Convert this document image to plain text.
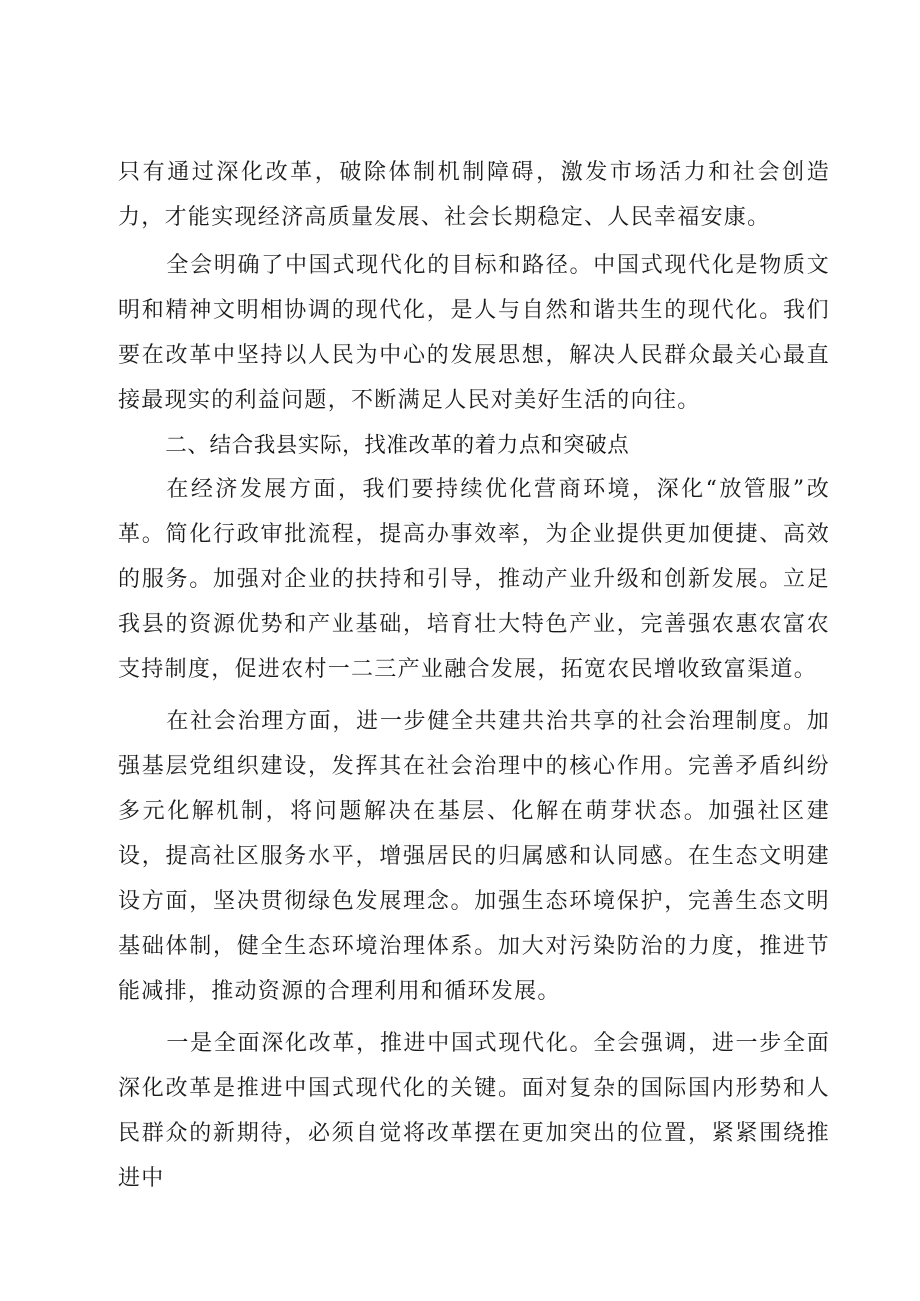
只有通过深化改革，破除体制机制障碍，激发市场活力和社会创造力，才能实现经济高质量发展、社会长期稳定、人民幸福安康。

全会明确了中国式现代化的目标和路径。中国式现代化是物质文明和精神文明相协调的现代化，是人与自然和谐共生的现代化。我们要在改革中坚持以人民为中心的发展思想，解决人民群众最关心最直接最现实的利益问题，不断满足人民对美好生活的向往。

二、结合我县实际，找准改革的着力点和突破点

在经济发展方面，我们要持续优化营商环境，深化“放管服”改革。简化行政审批流程，提高办事效率，为企业提供更加便捷、高效的服务。加强对企业的扶持和引导，推动产业升级和创新发展。立足我县的资源优势和产业基础，培育壮大特色产业，完善强农惠农富农支持制度，促进农村一二三产业融合发展，拓宽农民增收致富渠道。

在社会治理方面，进一步健全共建共治共享的社会治理制度。加强基层党组织建设，发挥其在社会治理中的核心作用。完善矛盾纠纷多元化解机制，将问题解决在基层、化解在萌芽状态。加强社区建设，提高社区服务水平，增强居民的归属感和认同感。在生态文明建设方面，坚决贯彻绿色发展理念。加强生态环境保护，完善生态文明基础体制，健全生态环境治理体系。加大对污染防治的力度，推进节能减排，推动资源的合理利用和循环发展。

一是全面深化改革，推进中国式现代化。全会强调，进一步全面深化改革是推进中国式现代化的关键。面对复杂的国际国内形势和人民群众的新期待，必须自觉将改革摆在更加突出的位置，紧紧围绕推进中
